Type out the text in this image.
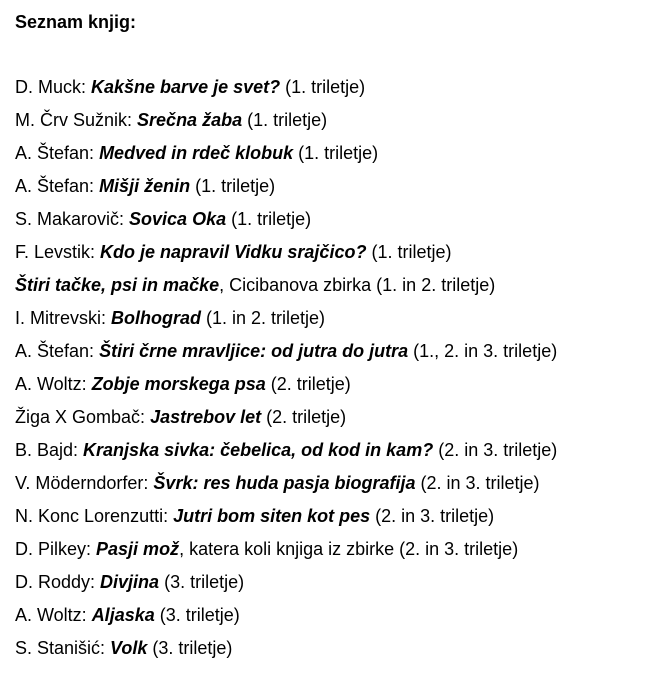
Seznam knjig:
D. Muck: Kakšne barve je svet? (1. triletje)
M. Črv Sužnik: Srečna žaba (1. triletje)
A. Štefan: Medved in rdeč klobuk (1. triletje)
A. Štefan: Mišji ženin (1. triletje)
S. Makarovič: Sovica Oka (1. triletje)
F. Levstik: Kdo je napravil Vidku srajčico? (1. triletje)
Štiri tačke, psi in mačke, Cicibanova zbirka (1. in 2. triletje)
I. Mitrevski: Bolhograd (1. in 2. triletje)
A. Štefan: Štiri črne mravljice: od jutra do jutra (1., 2. in 3. triletje)
A. Woltz: Zobje morskega psa (2. triletje)
Žiga X Gombač: Jastrebov let (2. triletje)
B. Bajd: Kranjska sivka: čebelica, od kod in kam? (2. in 3. triletje)
V. Möderndorfer: Švrk: res huda pasja biografija (2. in 3. triletje)
N. Konc Lorenzutti: Jutri bom siten kot pes (2. in 3. triletje)
D. Pilkey: Pasji mož, katera koli knjiga iz zbirke (2. in 3. triletje)
D. Roddy: Divjina (3. triletje)
A. Woltz: Aljaska (3. triletje)
S. Stanišić: Volk (3. triletje)
